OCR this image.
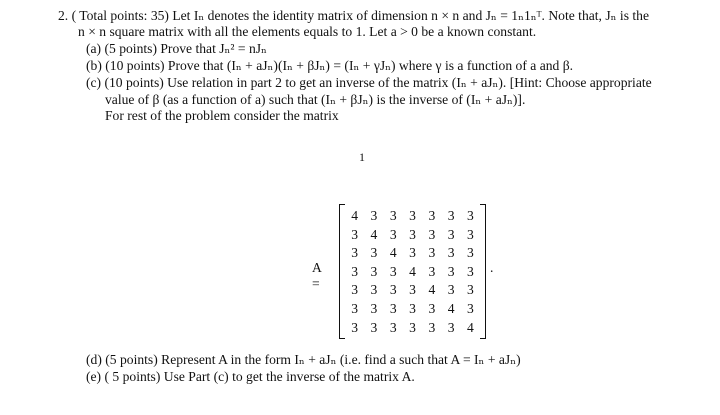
2. ( Total points: 35) Let Iₙ denotes the identity matrix of dimension n × n and Jₙ = 1ₙ1ₙᵀ. Note that, Jₙ is the
n × n square matrix with all the elements equals to 1. Let a > 0 be a known constant.
(a) (5 points) Prove that Jₙ² = nJₙ
(b) (10 points) Prove that (Iₙ + aJₙ)(Iₙ + βJₙ) = (Iₙ + γJₙ) where γ is a function of a and β.
(c) (10 points) Use relation in part 2 to get an inverse of the matrix (Iₙ + aJₙ). [Hint: Choose appropriate
value of β (as a function of a) such that (Iₙ + βJₙ) is the inverse of (Iₙ + aJₙ)].
For rest of the problem consider the matrix
1
A =
4 3 3 3 3 3 3
3 4 3 3 3 3 3
3 3 4 3 3 3 3
3 3 3 4 3 3 3
3 3 3 3 4 3 3
3 3 3 3 3 4 3
3 3 3 3 3 3 4
.
(d) (5 points) Represent A in the form Iₙ + aJₙ (i.e. find a such that A = Iₙ + aJₙ)
(e) ( 5 points) Use Part (c) to get the inverse of the matrix A.
